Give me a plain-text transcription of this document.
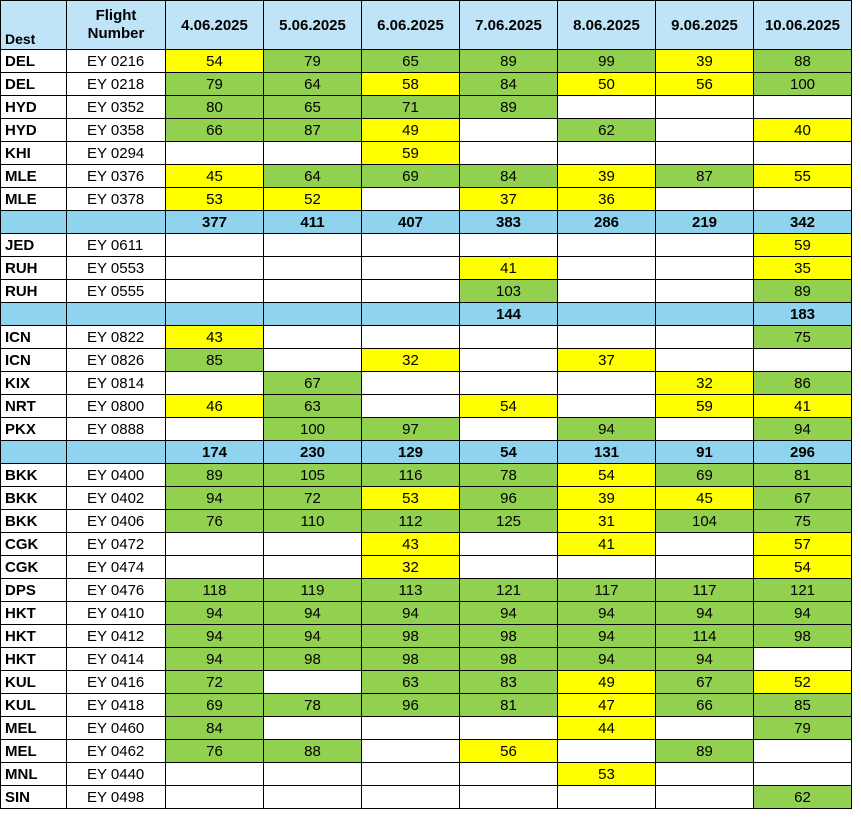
Dest	Flight Number	4.06.2025	5.06.2025	6.06.2025	7.06.2025	8.06.2025	9.06.2025	10.06.2025
DEL	EY 0216	54	79	65	89	99	39	88
DEL	EY 0218	79	64	58	84	50	56	100
HYD	EY 0352	80	65	71	89			
HYD	EY 0358	66	87	49		62		40
KHI	EY 0294			59				
MLE	EY 0376	45	64	69	84	39	87	55
MLE	EY 0378	53	52		37	36		
		377	411	407	383	286	219	342
JED	EY 0611							59
RUH	EY 0553				41			35
RUH	EY 0555				103			89
					144			183
ICN	EY 0822	43						75
ICN	EY 0826	85		32		37		
KIX	EY 0814		67				32	86
NRT	EY 0800	46	63		54		59	41
PKX	EY 0888		100	97		94		94
		174	230	129	54	131	91	296
BKK	EY 0400	89	105	116	78	54	69	81
BKK	EY 0402	94	72	53	96	39	45	67
BKK	EY 0406	76	110	112	125	31	104	75
CGK	EY 0472			43		41		57
CGK	EY 0474			32				54
DPS	EY 0476	118	119	113	121	117	117	121
HKT	EY 0410	94	94	94	94	94	94	94
HKT	EY 0412	94	94	98	98	94	114	98
HKT	EY 0414	94	98	98	98	94	94	
KUL	EY 0416	72		63	83	49	67	52
KUL	EY 0418	69	78	96	81	47	66	85
MEL	EY 0460	84				44		79
MEL	EY 0462	76	88		56		89	
MNL	EY 0440					53		
SIN	EY 0498							62
